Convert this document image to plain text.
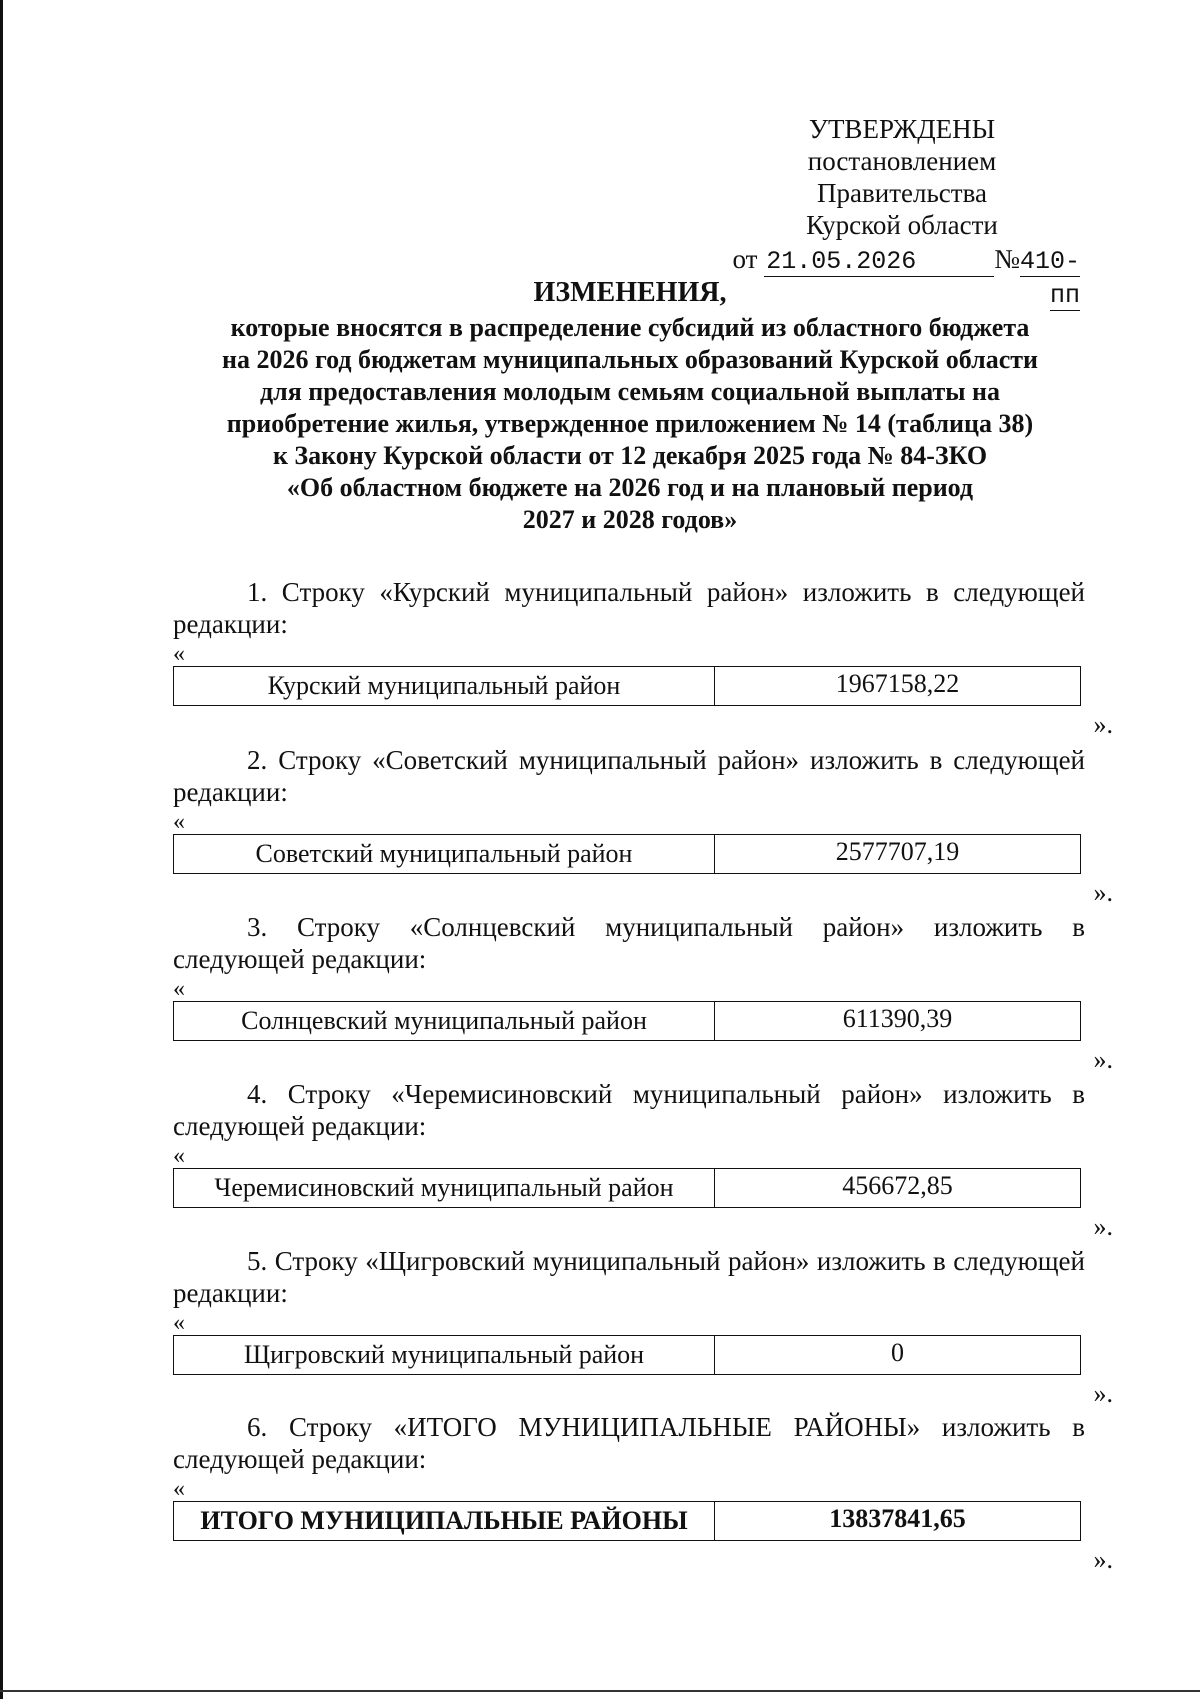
УТВЕРЖДЕНЫ
постановлением Правительства
Курской области
от 21.05.2026	№410-пп
ИЗМЕНЕНИЯ,
которые вносятся в распределение субсидий из областного бюджета
на 2026 год бюджетам муниципальных образований Курской области
для предоставления молодым семьям социальной выплаты на
приобретение жилья, утвержденное приложением № 14 (таблица 38)
к Закону Курской области от 12 декабря 2025 года № 84-ЗКО
«Об областном бюджете на 2026 год и на плановый период
2027 и 2028 годов»
1. Строку «Курский муниципальный район» изложить в следующей редакции:
«
Курский муниципальный район	1967158,22
».
2. Строку «Советский муниципальный район» изложить в следующей редакции:
«
Советский муниципальный район	2577707,19
».
3. Строку «Солнцевский муниципальный район» изложить в следующей редакции:
«
Солнцевский муниципальный район	611390,39
».
4. Строку «Черемисиновский муниципальный район» изложить в следующей редакции:
«
Черемисиновский муниципальный район	456672,85
».
5. Строку «Щигровский муниципальный район» изложить в следующей редакции:
«
Щигровский муниципальный район	0
».
6. Строку «ИТОГО МУНИЦИПАЛЬНЫЕ РАЙОНЫ» изложить в следующей редакции:
«
ИТОГО МУНИЦИПАЛЬНЫЕ РАЙОНЫ	13837841,65
».
